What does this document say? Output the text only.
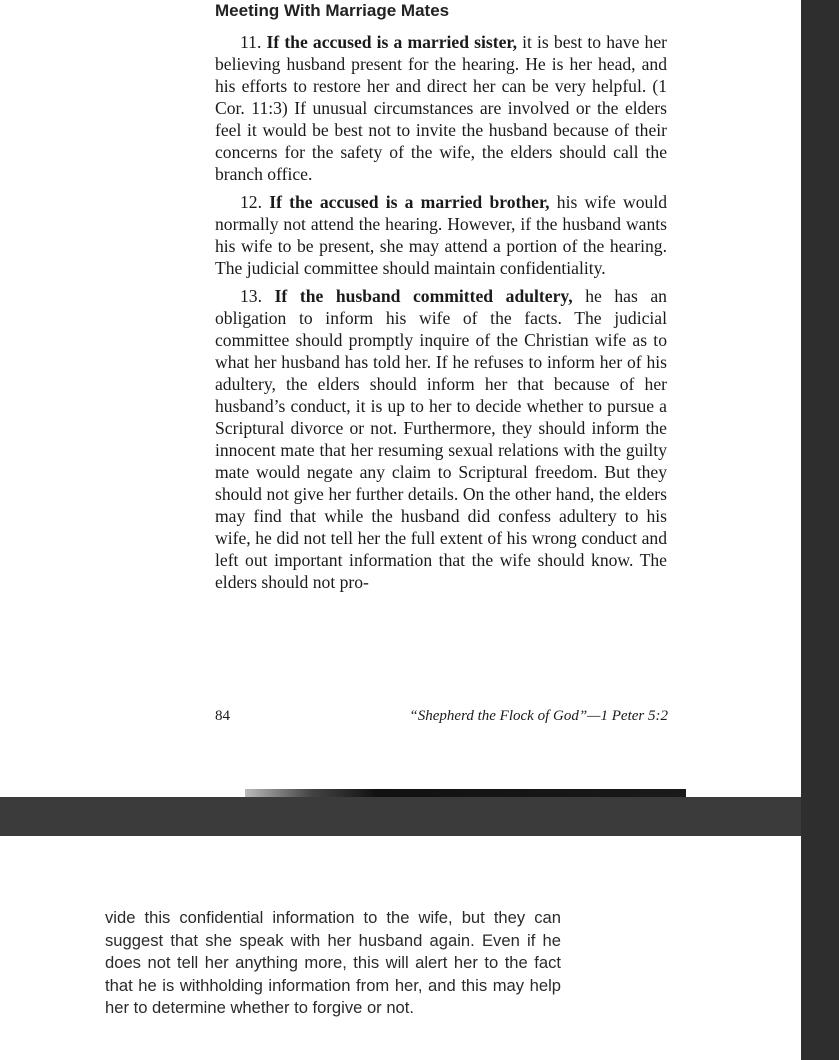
Meeting With Marriage Mates

11. If the accused is a married sister, it is best to have her believing husband present for the hearing. He is her head, and his efforts to restore her and direct her can be very helpful. (1 Cor. 11:3) If unusual circumstances are involved or the elders feel it would be best not to invite the husband because of their concerns for the safety of the wife, the elders should call the branch office.

12. If the accused is a married brother, his wife would normally not attend the hearing. However, if the husband wants his wife to be present, she may attend a portion of the hearing. The judicial committee should maintain confidentiality.

13. If the husband committed adultery, he has an obligation to inform his wife of the facts. The judicial committee should promptly inquire of the Christian wife as to what her husband has told her. If he refuses to inform her of his adultery, the elders should inform her that because of her husband’s conduct, it is up to her to decide whether to pursue a Scriptural divorce or not. Furthermore, they should inform the innocent mate that her resuming sexual relations with the guilty mate would negate any claim to Scriptural freedom. But they should not give her further details. On the other hand, the elders may find that while the husband did confess adultery to his wife, he did not tell her the full extent of his wrong conduct and left out important information that the wife should know. The elders should not pro-

84	“Shepherd the Flock of God”—1 Peter 5:2

vide this confidential information to the wife, but they can suggest that she speak with her husband again. Even if he does not tell her anything more, this will alert her to the fact that he is withholding information from her, and this may help her to determine whether to forgive or not.
